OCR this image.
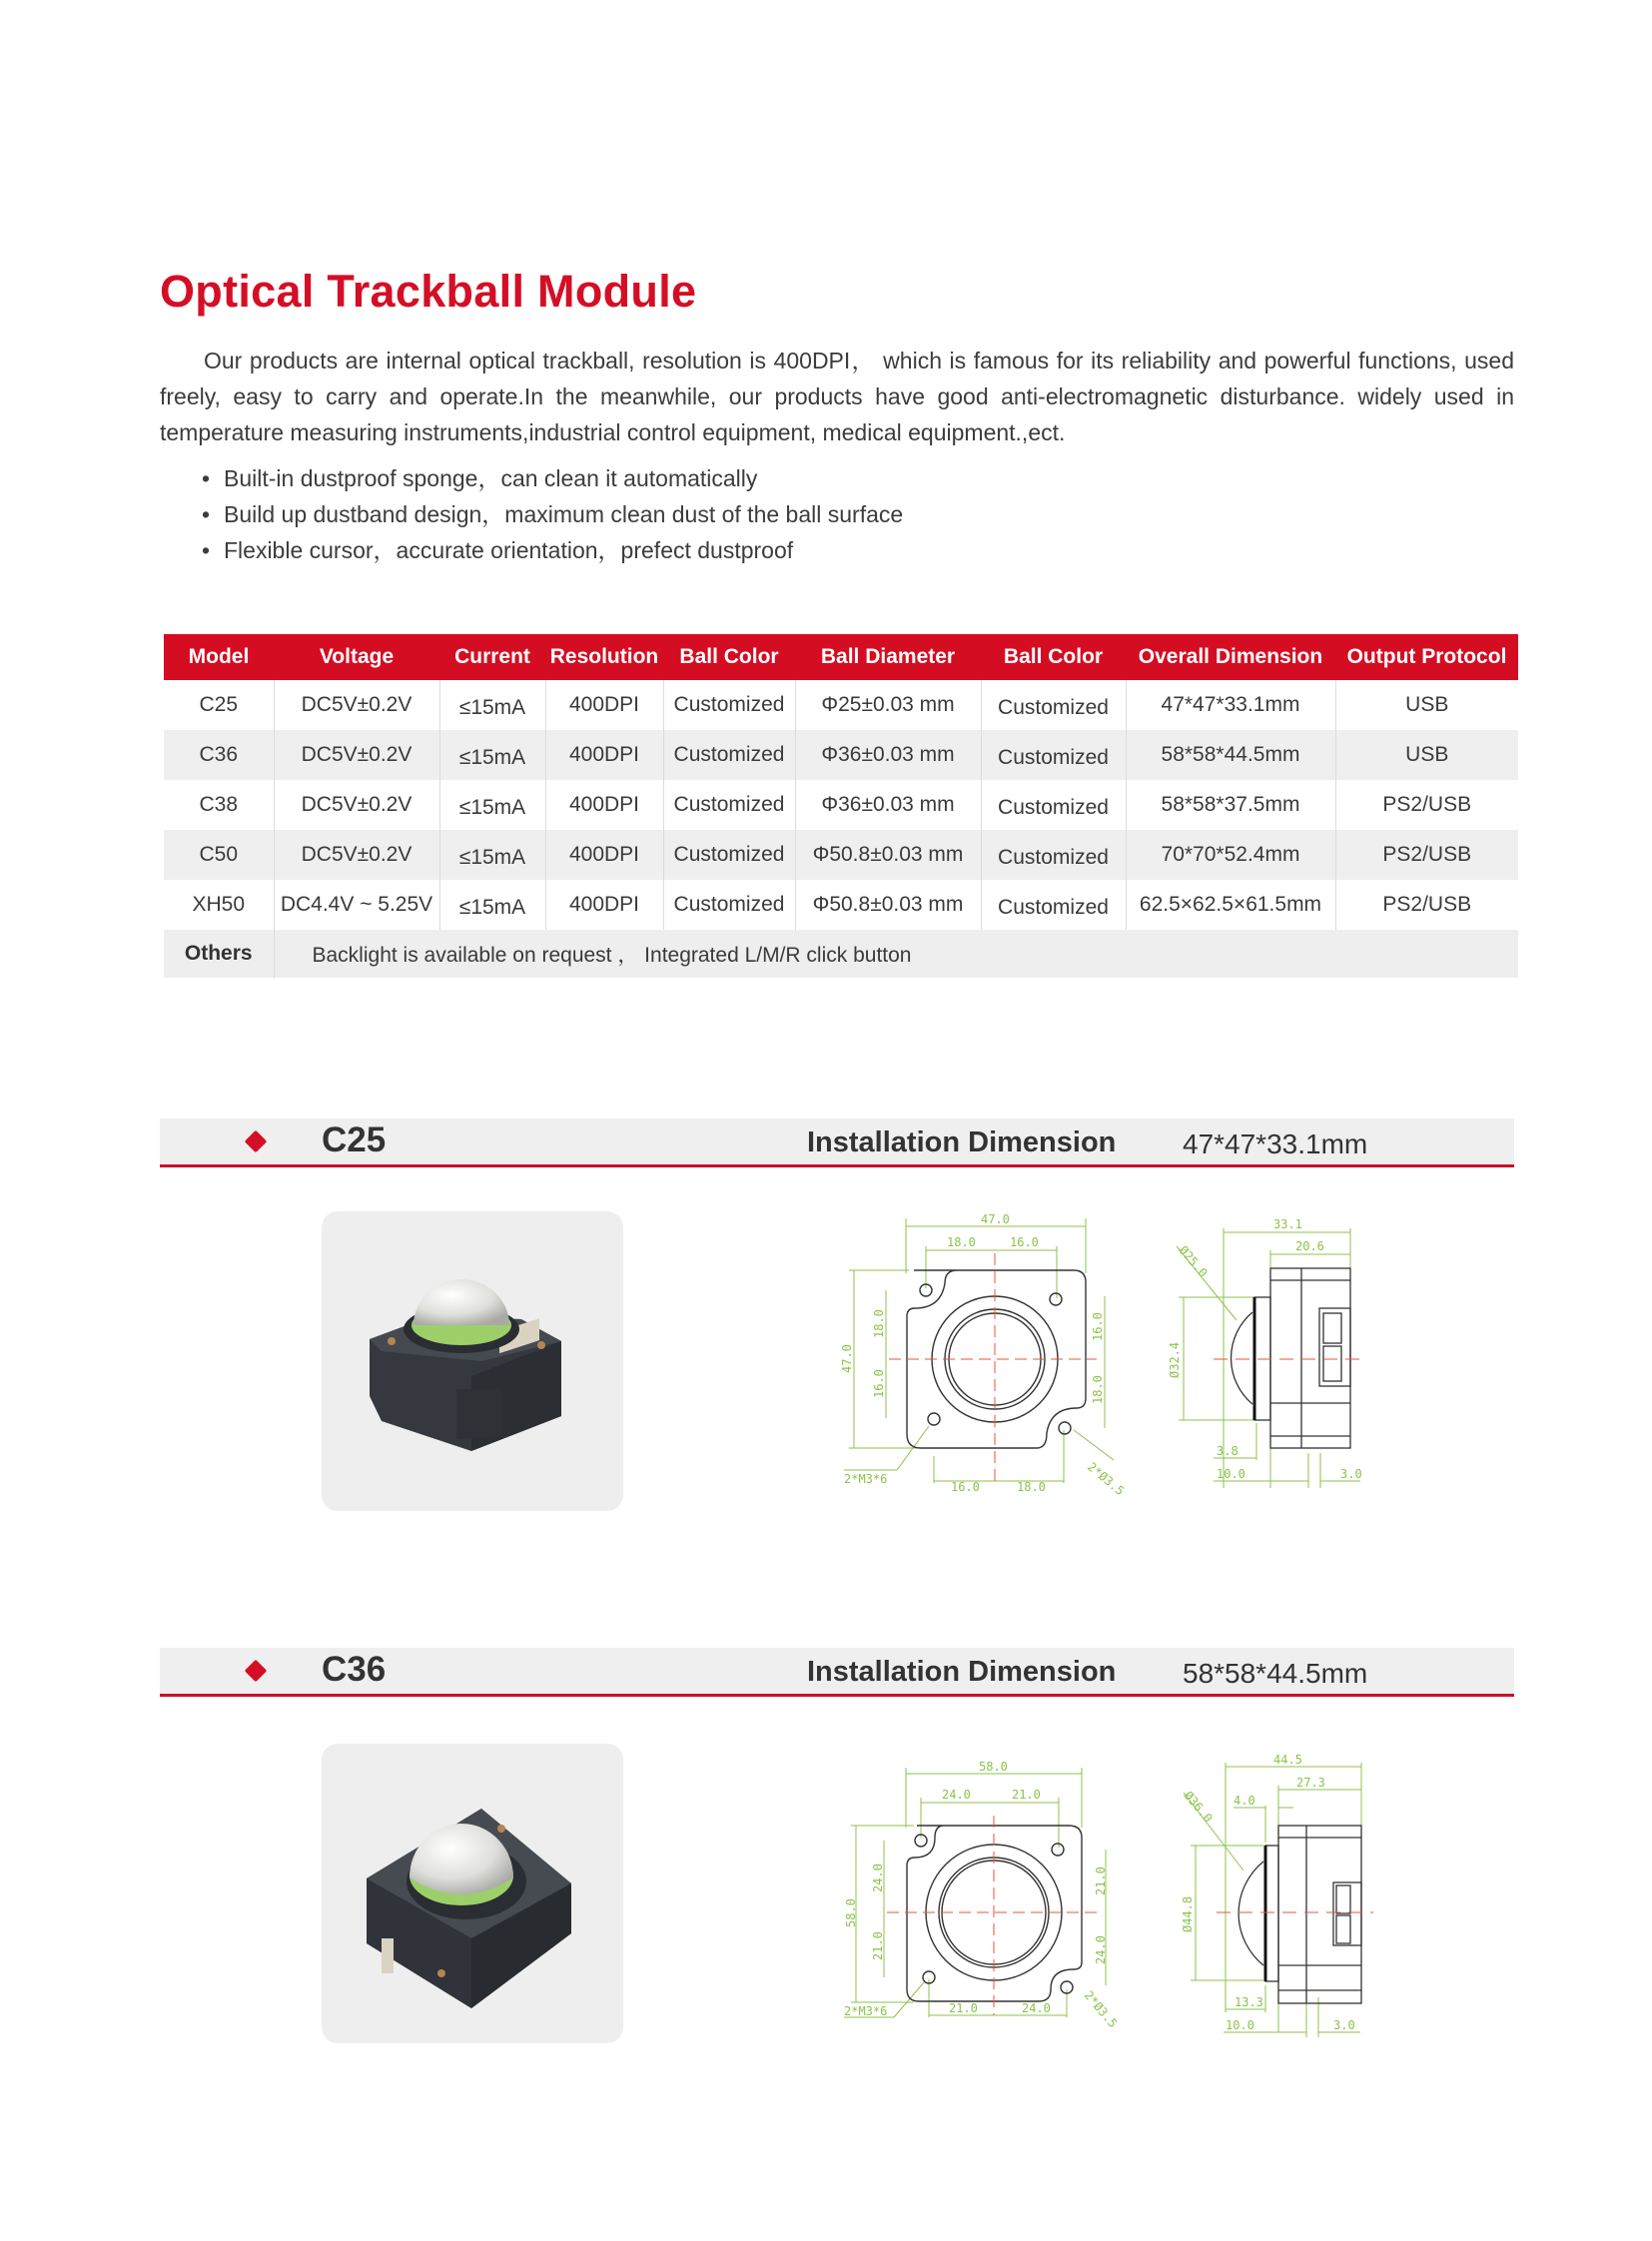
Optical Trackball Module

Our products are internal optical trackball, resolution is 400DPI， which is famous for its reliability and powerful functions, used freely, easy to carry and operate.In the meanwhile, our products have good anti-electromagnetic disturbance. widely used in temperature measuring instruments,industrial control equipment, medical equipment.,ect.

• Built-in dustproof sponge，can clean it automatically
• Build up dustband design，maximum clean dust of the ball surface
• Flexible cursor，accurate orientation，prefect dustproof
Model	Voltage	Current	Resolution	Ball Color	Ball Diameter	Ball Color	Overall Dimension	Output Protocol
C25	DC5V±0.2V	≤15mA	400DPI	Customized	Φ25±0.03 mm	Customized	47*47*33.1mm	USB
C36	DC5V±0.2V	≤15mA	400DPI	Customized	Φ36±0.03 mm	Customized	58*58*44.5mm	USB
C38	DC5V±0.2V	≤15mA	400DPI	Customized	Φ36±0.03 mm	Customized	58*58*37.5mm	PS2/USB
C50	DC5V±0.2V	≤15mA	400DPI	Customized	Φ50.8±0.03 mm	Customized	70*70*52.4mm	PS2/USB
XH50	DC4.4V ~ 5.25V	≤15mA	400DPI	Customized	Φ50.8±0.03 mm	Customized	62.5×62.5×61.5mm	PS2/USB
Others	Backlight is available on request ， Integrated L/M/R click button							
C25	Installation Dimension 47*47*33.1mm
47.0
18.0	16.0
16.0	18.0
2*M3*6	2*Ø3.5
47.0
18.0
16.0
16.0
18.0
33.1
20.6
Ø25.0
Ø32.4
3.8
10.0	3.0
C36	Installation Dimension 58*58*44.5mm
58.0
24.0	21.0
21.0	24.0
2*M3*6	2*Ø3.5
58.0
24.0
21.0
21.0
24.0
44.5
27.3
4.0
Ø36.0
Ø44.8
13.3
10.0	3.0
